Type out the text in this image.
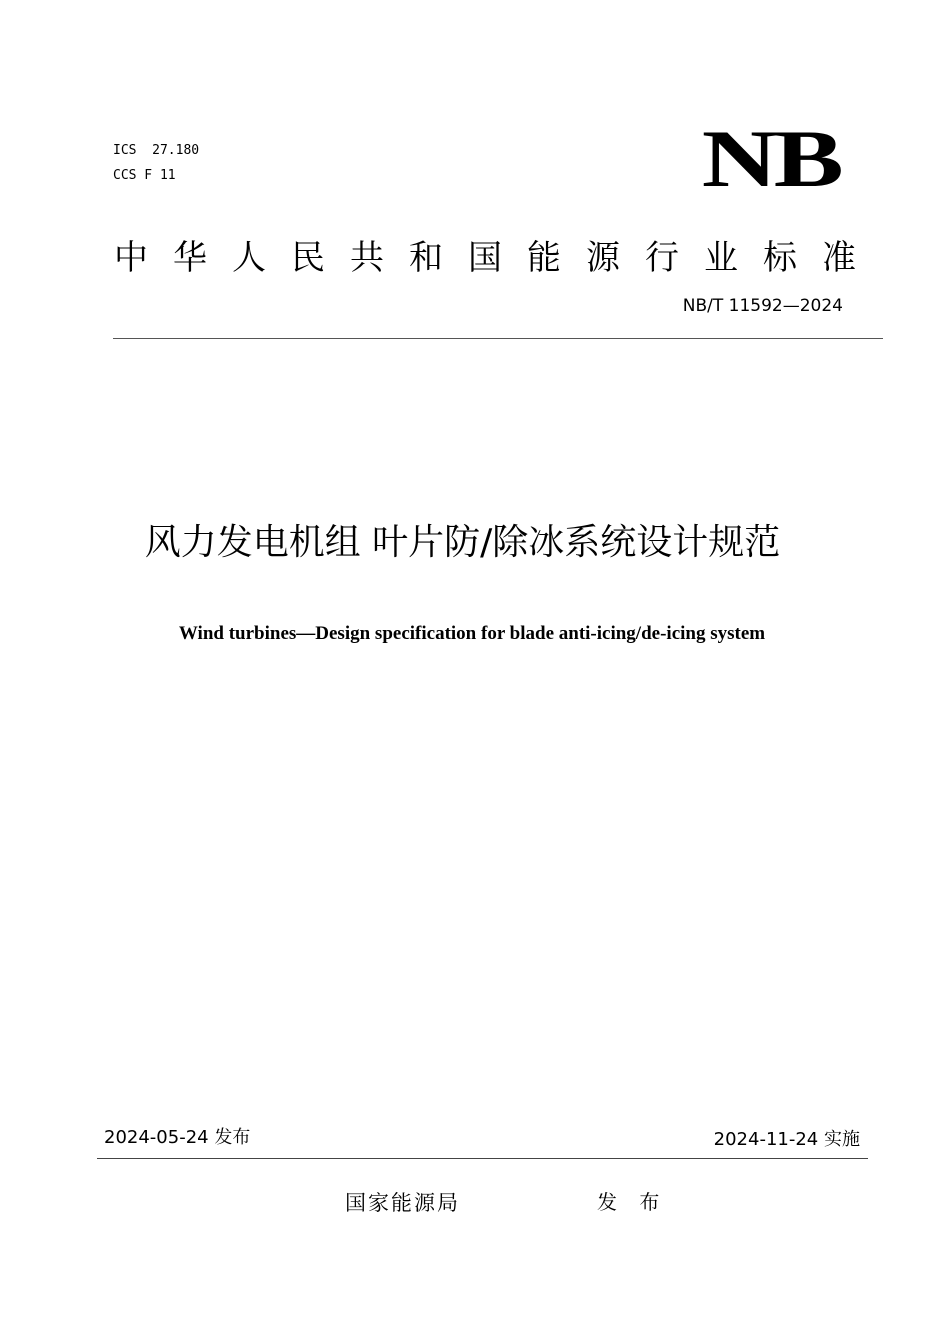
ICS  27.180
CCS F 11	NB
中华人民共和国能源行业标准
NB/T 11592—2024
风力发电机组 叶片防/除冰系统设计规范
Wind turbines—Design specification for blade anti-icing/de-icing system
2024-05-24 发布	2024-11-24 实施
国家能源局	发 布
